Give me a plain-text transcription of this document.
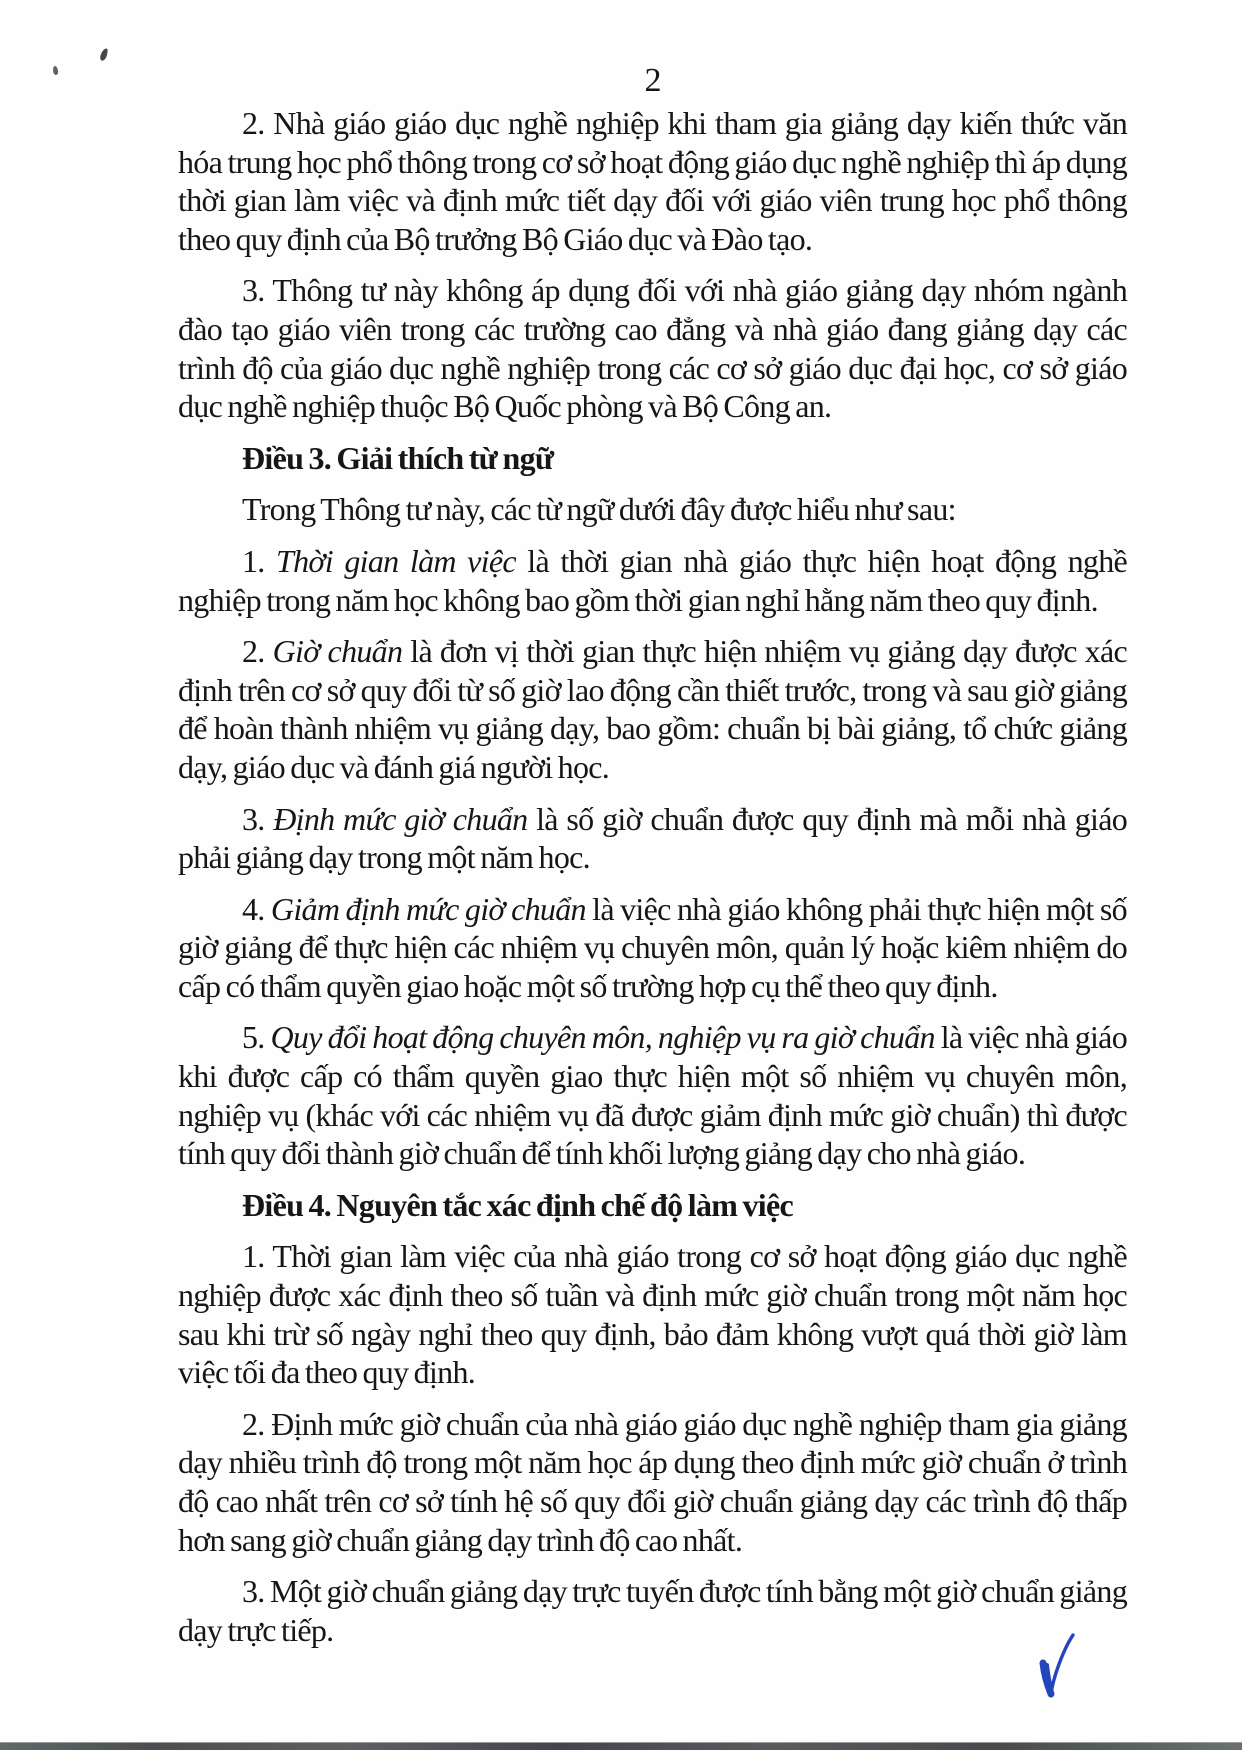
2

2. Nhà giáo giáo dục nghề nghiệp khi tham gia giảng dạy kiến thức văn hóa trung học phổ thông trong cơ sở hoạt động giáo dục nghề nghiệp thì áp dụng thời gian làm việc và định mức tiết dạy đối với giáo viên trung học phổ thông theo quy định của Bộ trưởng Bộ Giáo dục và Đào tạo.

3. Thông tư này không áp dụng đối với nhà giáo giảng dạy nhóm ngành đào tạo giáo viên trong các trường cao đẳng và nhà giáo đang giảng dạy các trình độ của giáo dục nghề nghiệp trong các cơ sở giáo dục đại học, cơ sở giáo dục nghề nghiệp thuộc Bộ Quốc phòng và Bộ Công an.

Điều 3. Giải thích từ ngữ

Trong Thông tư này, các từ ngữ dưới đây được hiểu như sau:

1. Thời gian làm việc là thời gian nhà giáo thực hiện hoạt động nghề nghiệp trong năm học không bao gồm thời gian nghỉ hằng năm theo quy định.

2. Giờ chuẩn là đơn vị thời gian thực hiện nhiệm vụ giảng dạy được xác định trên cơ sở quy đổi từ số giờ lao động cần thiết trước, trong và sau giờ giảng để hoàn thành nhiệm vụ giảng dạy, bao gồm: chuẩn bị bài giảng, tổ chức giảng dạy, giáo dục và đánh giá người học.

3. Định mức giờ chuẩn là số giờ chuẩn được quy định mà mỗi nhà giáo phải giảng dạy trong một năm học.

4. Giảm định mức giờ chuẩn là việc nhà giáo không phải thực hiện một số giờ giảng để thực hiện các nhiệm vụ chuyên môn, quản lý hoặc kiêm nhiệm do cấp có thẩm quyền giao hoặc một số trường hợp cụ thể theo quy định.

5. Quy đổi hoạt động chuyên môn, nghiệp vụ ra giờ chuẩn là việc nhà giáo khi được cấp có thẩm quyền giao thực hiện một số nhiệm vụ chuyên môn, nghiệp vụ (khác với các nhiệm vụ đã được giảm định mức giờ chuẩn) thì được tính quy đổi thành giờ chuẩn để tính khối lượng giảng dạy cho nhà giáo.

Điều 4. Nguyên tắc xác định chế độ làm việc

1. Thời gian làm việc của nhà giáo trong cơ sở hoạt động giáo dục nghề nghiệp được xác định theo số tuần và định mức giờ chuẩn trong một năm học sau khi trừ số ngày nghỉ theo quy định, bảo đảm không vượt quá thời giờ làm việc tối đa theo quy định.

2. Định mức giờ chuẩn của nhà giáo giáo dục nghề nghiệp tham gia giảng dạy nhiều trình độ trong một năm học áp dụng theo định mức giờ chuẩn ở trình độ cao nhất trên cơ sở tính hệ số quy đổi giờ chuẩn giảng dạy các trình độ thấp hơn sang giờ chuẩn giảng dạy trình độ cao nhất.

3. Một giờ chuẩn giảng dạy trực tuyến được tính bằng một giờ chuẩn giảng dạy trực tiếp.
